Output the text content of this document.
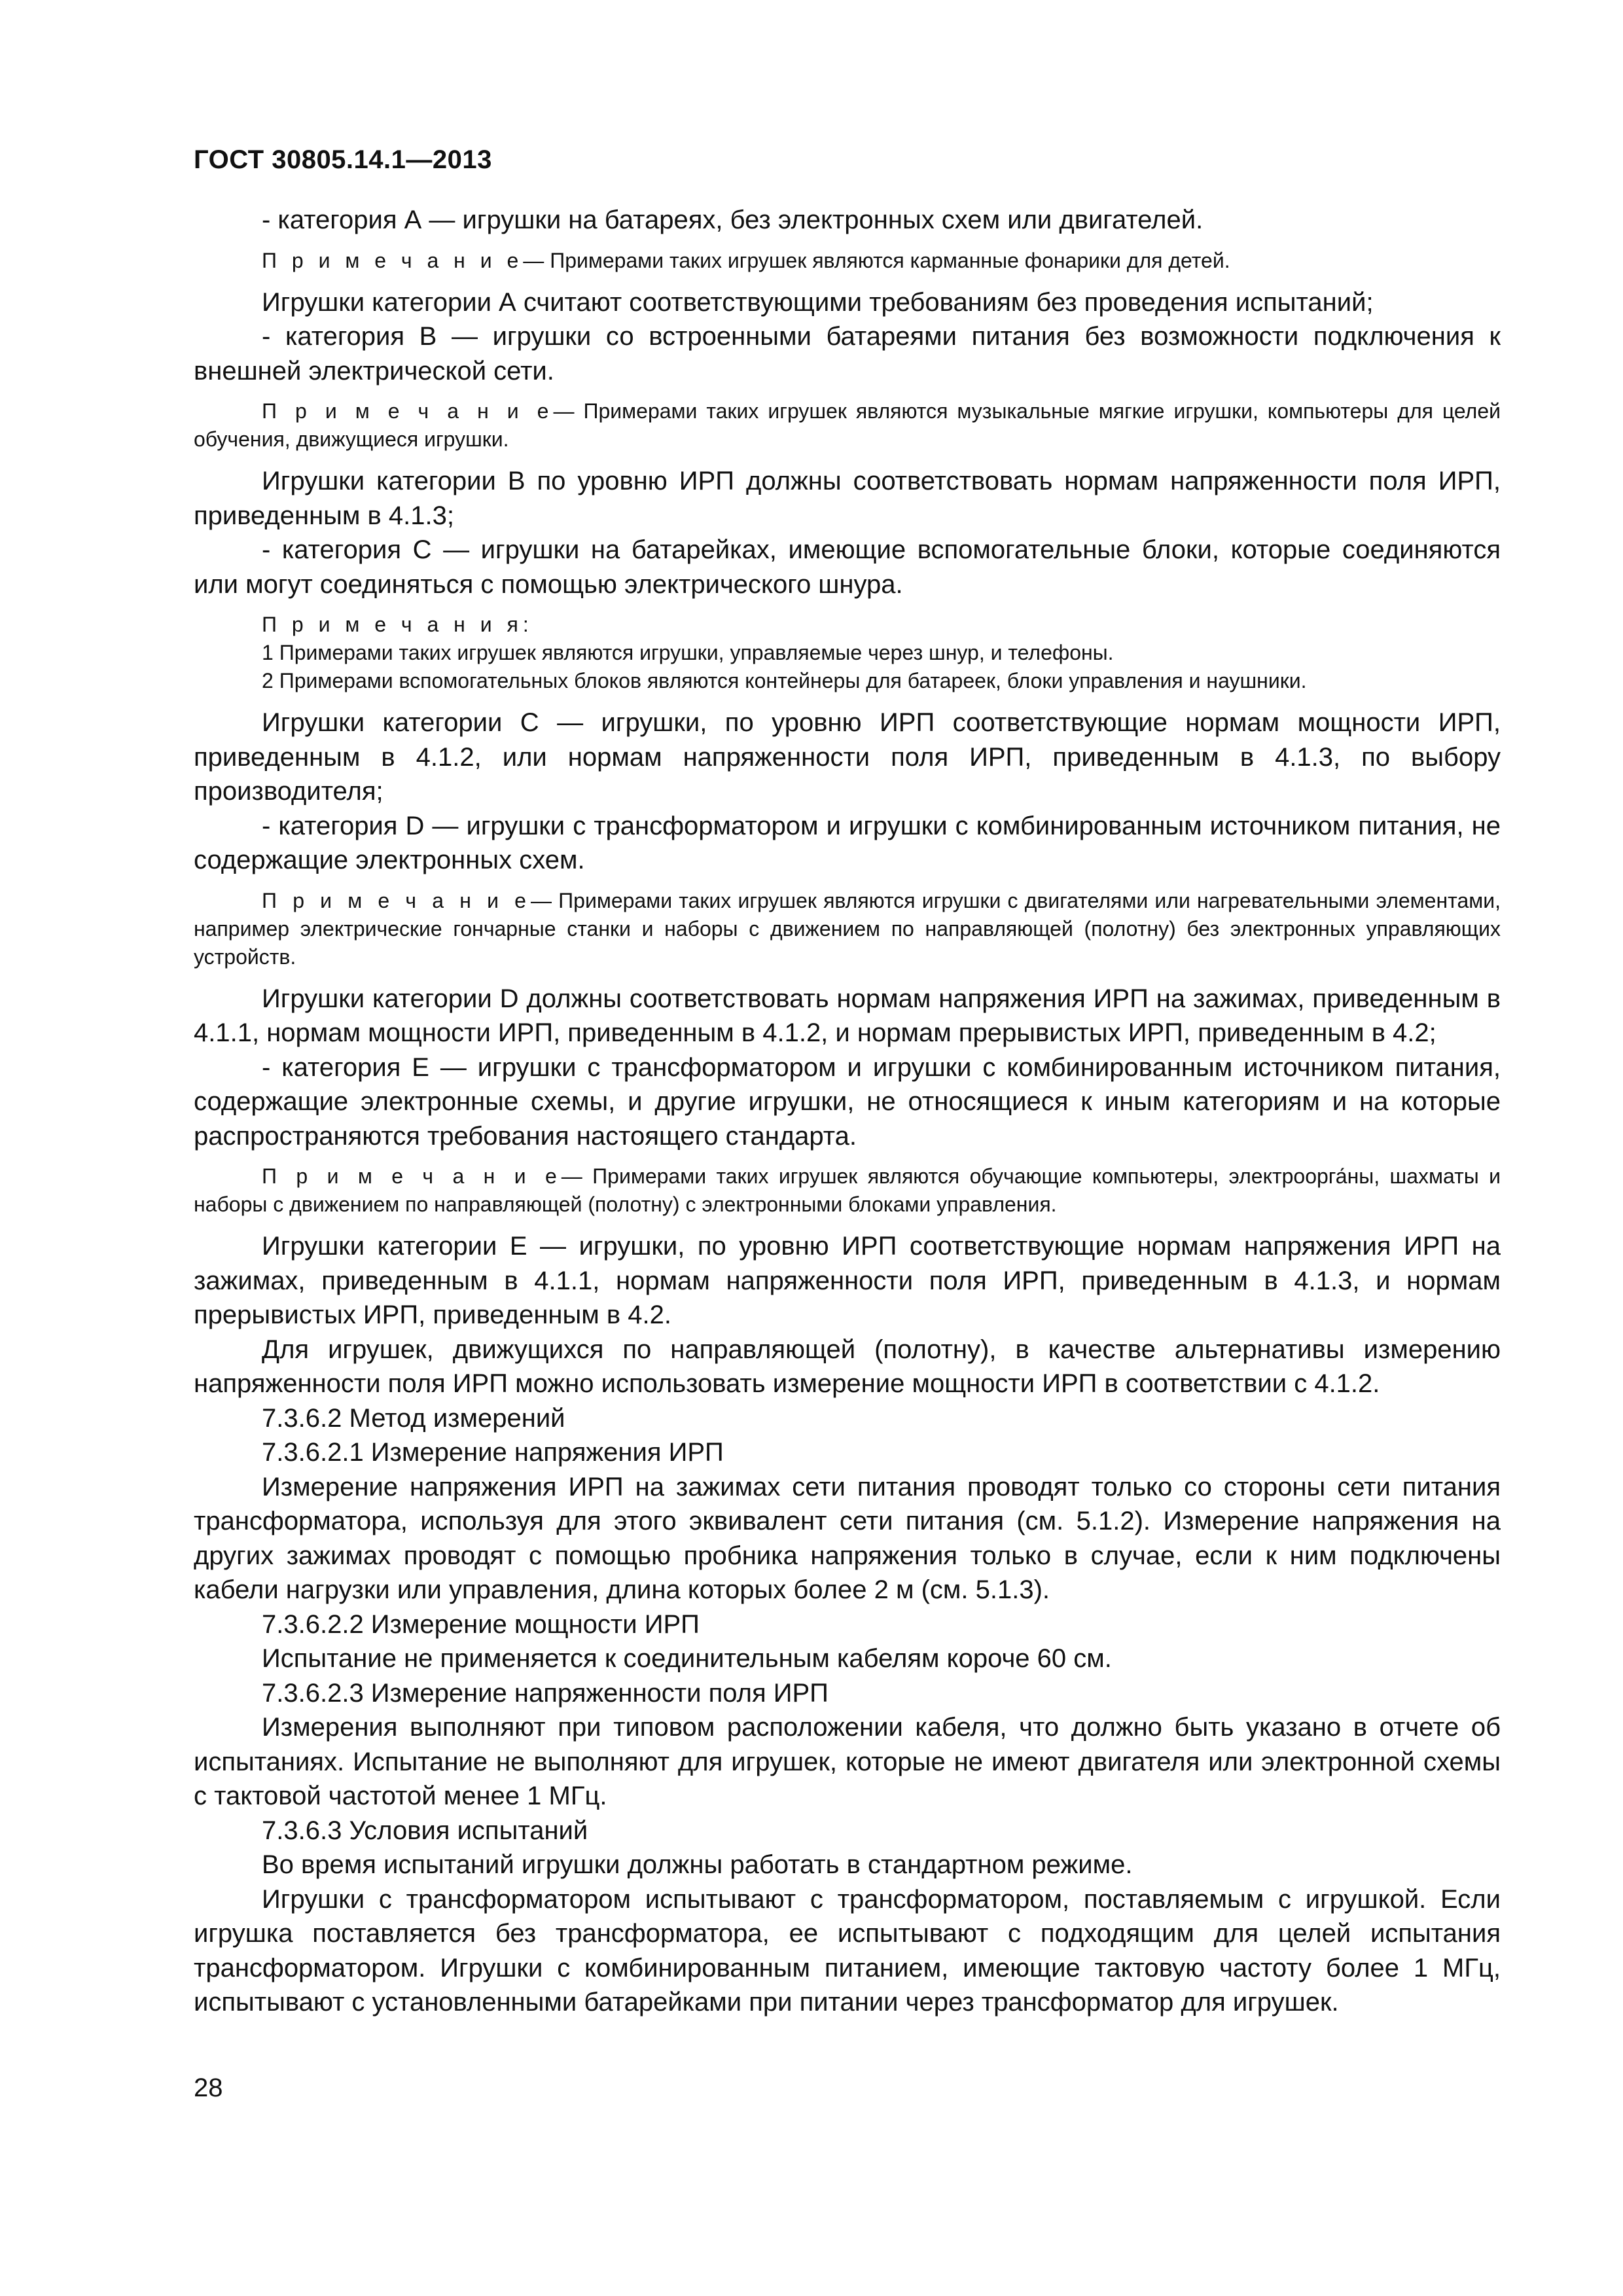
ГОСТ 30805.14.1—2013

- категория А — игрушки на батареях, без электронных схем или двигателей.

П р и м е ч а н и е— Примерами таких игрушек являются карманные фонарики для детей.

Игрушки категории А считают соответствующими требованиям без проведения испытаний;

- категория В — игрушки со встроенными батареями питания без возможности подключения к внешней электрической сети.

П р и м е ч а н и е— Примерами таких игрушек являются музыкальные мягкие игрушки, компьютеры для целей обучения, движущиеся игрушки.

Игрушки категории В по уровню ИРП должны соответствовать нормам напряженности поля ИРП, приведенным в 4.1.3;

- категория С — игрушки на батарейках, имеющие вспомогательные блоки, которые соединяются или могут соединяться с помощью электрического шнура.

П р и м е ч а н и я:

1 Примерами таких игрушек являются игрушки, управляемые через шнур, и телефоны.

2 Примерами вспомогательных блоков являются контейнеры для батареек, блоки управления и наушники.

Игрушки категории С — игрушки, по уровню ИРП соответствующие нормам мощности ИРП, приведенным в 4.1.2, или нормам напряженности поля ИРП, приведенным в 4.1.3, по выбору производителя;

- категория D — игрушки с трансформатором и игрушки с комбинированным источником питания, не содержащие электронных схем.

П р и м е ч а н и е— Примерами таких игрушек являются игрушки с двигателями или нагревательными элементами, например электрические гончарные станки и наборы с движением по направляющей (полотну) без электронных управляющих устройств.

Игрушки категории D должны соответствовать нормам напряжения ИРП на зажимах, приведенным в 4.1.1, нормам мощности ИРП, приведенным в 4.1.2, и нормам прерывистых ИРП, приведенным в 4.2;

- категория Е — игрушки с трансформатором и игрушки с комбинированным источником питания, содержащие электронные схемы, и другие игрушки, не относящиеся к иным категориям и на которые распространяются требования настоящего стандарта.

П р и м е ч а н и е— Примерами таких игрушек являются обучающие компьютеры, электроорга́ны, шахматы и наборы с движением по направляющей (полотну) с электронными блоками управления.

Игрушки категории Е — игрушки, по уровню ИРП соответствующие нормам напряжения ИРП на зажимах, приведенным в 4.1.1, нормам напряженности поля ИРП, приведенным в 4.1.3, и нормам прерывистых ИРП, приведенным в 4.2.

Для игрушек, движущихся по направляющей (полотну), в качестве альтернативы измерению напряженности поля ИРП можно использовать измерение мощности ИРП в соответствии с 4.1.2.

7.3.6.2 Метод измерений

7.3.6.2.1 Измерение напряжения ИРП

Измерение напряжения ИРП на зажимах сети питания проводят только со стороны сети питания трансформатора, используя для этого эквивалент сети питания (см. 5.1.2). Измерение напряжения на других зажимах проводят с помощью пробника напряжения только в случае, если к ним подключены кабели нагрузки или управления, длина которых более 2 м (см. 5.1.3).

7.3.6.2.2 Измерение мощности ИРП

Испытание не применяется к соединительным кабелям короче 60 см.

7.3.6.2.3 Измерение напряженности поля ИРП

Измерения выполняют при типовом расположении кабеля, что должно быть указано в отчете об испытаниях. Испытание не выполняют для игрушек, которые не имеют двигателя или электронной схемы с тактовой частотой менее 1 МГц.

7.3.6.3 Условия испытаний

Во время испытаний игрушки должны работать в стандартном режиме.

Игрушки с трансформатором испытывают с трансформатором, поставляемым с игрушкой. Если игрушка поставляется без трансформатора, ее испытывают с подходящим для целей испытания трансформатором. Игрушки с комбинированным питанием, имеющие тактовую частоту более 1 МГц, испытывают с установленными батарейками при питании через трансформатор для игрушек.

28
